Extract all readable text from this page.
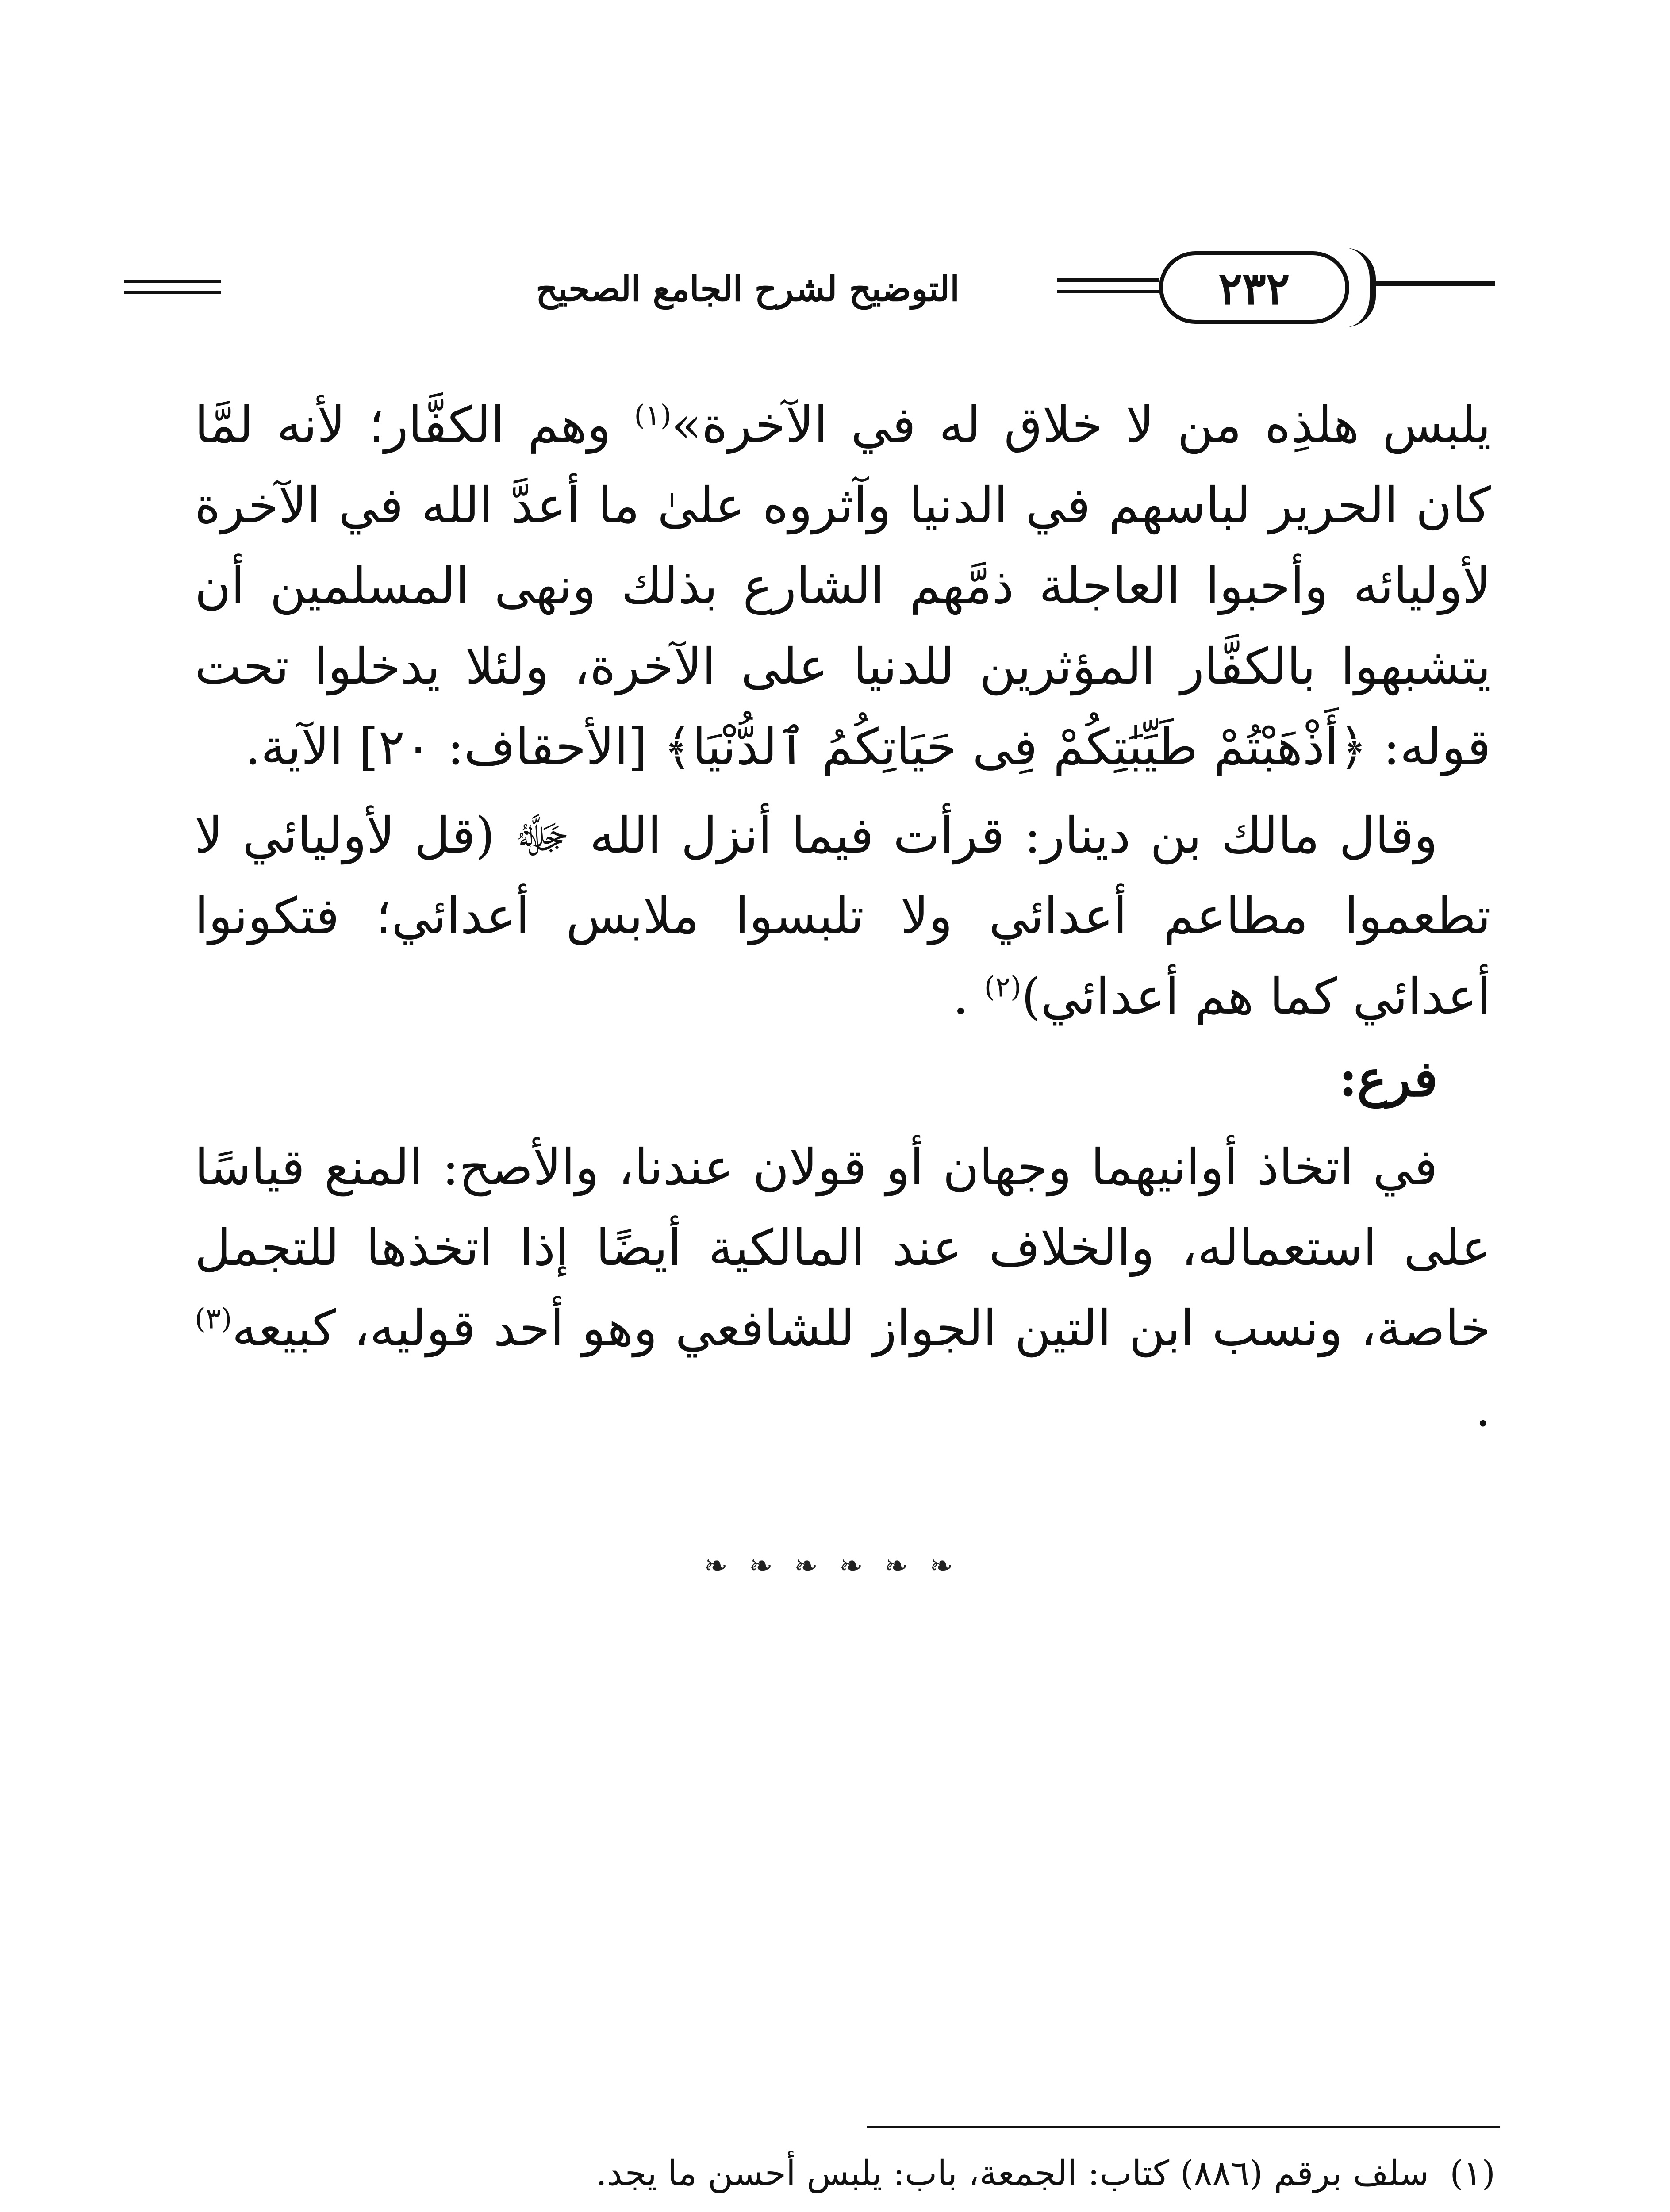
التوضيح لشرح الجامع الصحيح	٢٣٢

يلبس هلذِه من لا خلاق له في الآخرة»$^{(١)}$ وهم الكفَّار؛ لأنه لمَّا كان الحرير لباسهم في الدنيا وآثروه علىٰ ما أعدَّ الله في الآخرة لأوليائه وأحبوا العاجلة ذمَّهم الشارع بذلك ونهى المسلمين أن يتشبهوا بالكفَّار المؤثرين للدنيا على الآخرة، ولئلا يدخلوا تحت قوله: ﴿أَذْهَبْتُمْ طَيِّبَٰتِكُمْ فِى حَيَاتِكُمُ ٱلدُّنْيَا﴾ [الأحقاف: ٢٠] الآية.

وقال مالك بن دينار: قرأت فيما أنزل الله ﷻ (قل لأوليائي لا تطعموا مطاعم أعدائي ولا تلبسوا ملابس أعدائي؛ فتكونوا أعدائي كما هم أعدائي)$^{(٢)}$ .

فرع:

في اتخاذ أوانيهما وجهان أو قولان عندنا، والأصح: المنع قياسًا على استعماله، والخلاف عند المالكية أيضًا إذا اتخذها للتجمل خاصة، ونسب ابن التين الجواز للشافعي وهو أحد قوليه، كبيعه$^{(٣)}$ .

❧ ❧ ❧ ❧ ❧ ❧
(١)
سلف برقم (٨٨٦) كتاب: الجمعة، باب: يلبس أحسن ما يجد.
